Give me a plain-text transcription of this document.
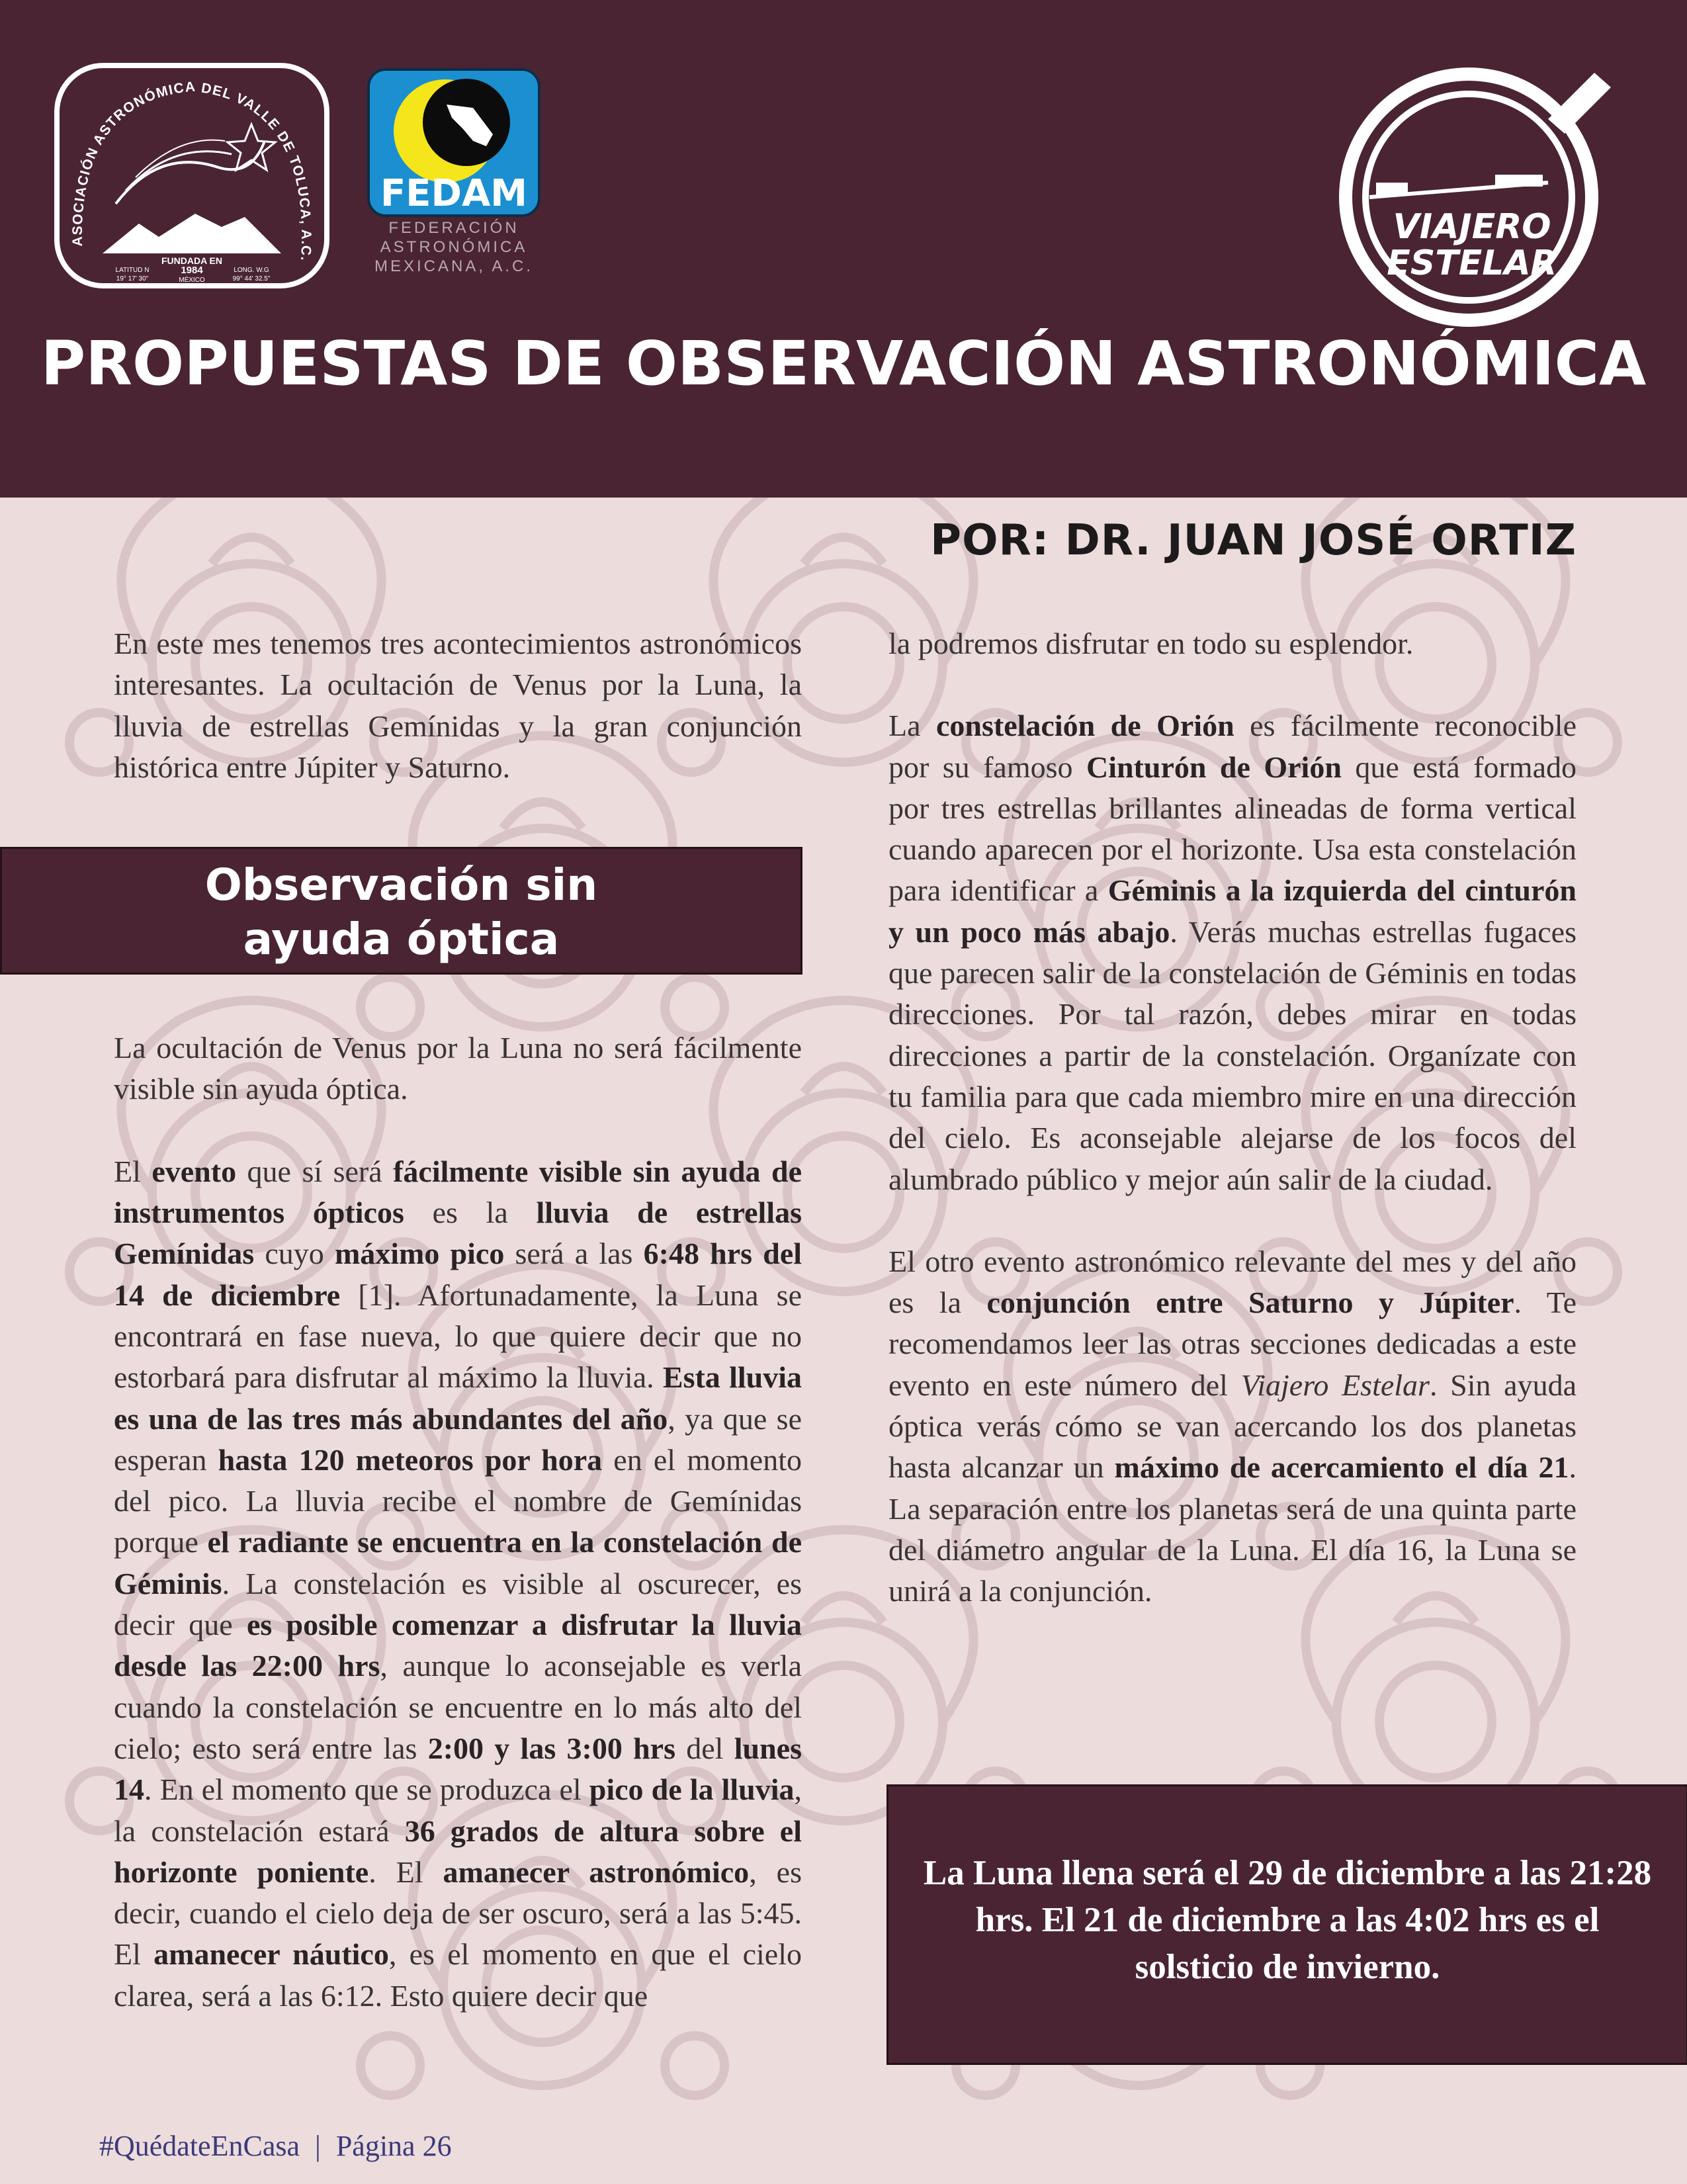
ASOCIACIÓN ASTRONÓMICA DEL VALLE DE TOLUCA, A.C.
FUNDADA EN
1984
MÉXICO
LATITUD N
19° 17' 30"
LONG. W.G
99° 44' 32.5"
FEDAM
FEDERACIÓN
ASTRONÓMICA
MEXICANA, A.C.
VIAJERO
ESTELAR
PROPUESTAS DE OBSERVACIÓN ASTRONÓMICA
POR: DR. JUAN JOSÉ ORTIZ

En este mes tenemos tres acontecimientos astronómicos interesantes. La ocultación de Venus por la Luna, la lluvia de estrellas Gemínidas y la gran conjunción histórica entre Júpiter y Saturno.

La ocultación de Venus por la Luna no será fácilmente visible sin ayuda óptica.

El evento que sí será fácilmente visible sin ayuda de instrumentos ópticos es la lluvia de estrellas Gemínidas cuyo máximo pico será a las 6:48 hrs del 14 de diciembre [1]. Afortunadamente, la Luna se encontrará en fase nueva, lo que quiere decir que no estorbará para disfrutar al máximo la lluvia. Esta lluvia es una de las tres más abundantes del año, ya que se esperan hasta 120 meteoros por hora en el momento del pico. La lluvia recibe el nombre de Gemínidas porque el radiante se encuentra en la constelación de Géminis. La constelación es visible al oscurecer, es decir que es posible comenzar a disfrutar la lluvia desde las 22:00 hrs, aunque lo aconsejable es verla cuando la constelación se encuentre en lo más alto del cielo; esto será entre las 2:00 y las 3:00 hrs del lunes 14. En el momento que se produzca el pico de la lluvia, la constelación estará 36 grados de altura sobre el horizonte poniente. El amanecer astronómico, es decir, cuando el cielo deja de ser oscuro, será a las 5:45. El amanecer náutico, es el momento en que el cielo clarea, será a las 6:12. Esto quiere decir que

Observación sin
ayuda óptica

la podremos disfrutar en todo su esplendor.

La constelación de Orión es fácilmente reconocible por su famoso Cinturón de Orión que está formado por tres estrellas brillantes alineadas de forma vertical cuando aparecen por el horizonte. Usa esta constelación para identificar a Géminis a la izquierda del cinturón y un poco más abajo. Verás muchas estrellas fugaces que parecen salir de la constelación de Géminis en todas direcciones. Por tal razón, debes mirar en todas direcciones a partir de la constelación. Organízate con tu familia para que cada miembro mire en una dirección del cielo. Es aconsejable alejarse de los focos del alumbrado público y mejor aún salir de la ciudad.

El otro evento astronómico relevante del mes y del año es la conjunción entre Saturno y Júpiter. Te recomendamos leer las otras secciones dedicadas a este evento en este número del Viajero Estelar. Sin ayuda óptica verás cómo se van acercando los dos planetas hasta alcanzar un máximo de acercamiento el día 21. La separación entre los planetas será de una quinta parte del diámetro angular de la Luna. El día 16, la Luna se unirá a la conjunción.

La Luna llena será el 29 de diciembre a las 21:28 hrs. El 21 de diciembre a las 4:02 hrs es el solsticio de invierno.
#QuédateEnCasa | Página 26
